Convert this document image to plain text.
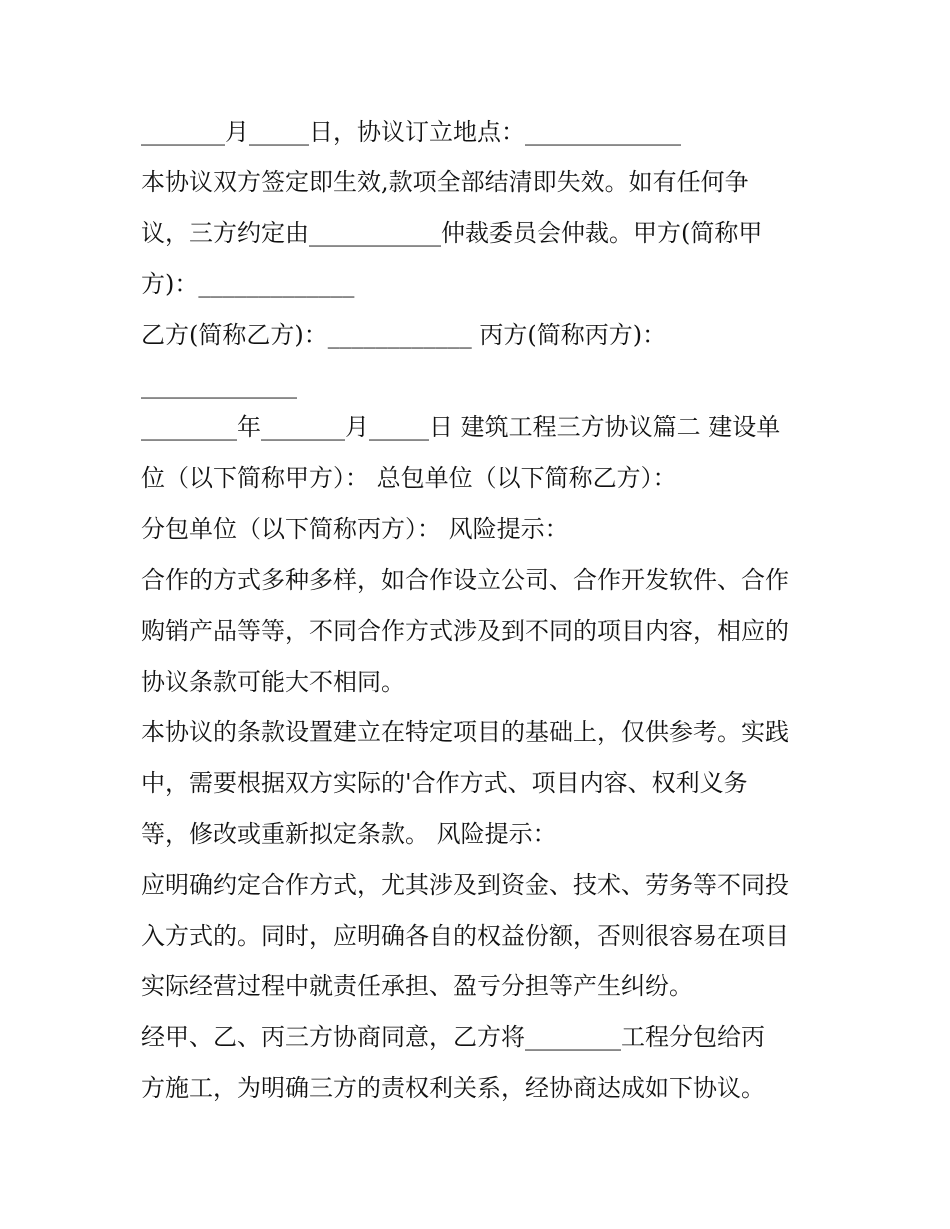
_______月_____日，协议订立地点：_____________
本协议双方签定即生效,款项全部结清即失效。如有任何争
议，三方约定由___________仲裁委员会仲裁。甲方(简称甲
方)：_____________
乙方(简称乙方)：____________ 丙方(简称丙方)：
_____________
________年_______月_____日 建筑工程三方协议篇二 建设单
位（以下简称甲方）： 总包单位（以下简称乙方）：
分包单位（以下简称丙方）： 风险提示：
合作的方式多种多样，如合作设立公司、合作开发软件、合作
购销产品等等，不同合作方式涉及到不同的项目内容，相应的
协议条款可能大不相同。
本协议的条款设置建立在特定项目的基础上，仅供参考。实践
中，需要根据双方实际的'合作方式、项目内容、权利义务
等，修改或重新拟定条款。 风险提示：
应明确约定合作方式，尤其涉及到资金、技术、劳务等不同投
入方式的。同时，应明确各自的权益份额，否则很容易在项目
实际经营过程中就责任承担、盈亏分担等产生纠纷。
经甲、乙、丙三方协商同意，乙方将________工程分包给丙
方施工，为明确三方的责权利关系，经协商达成如下协议。
